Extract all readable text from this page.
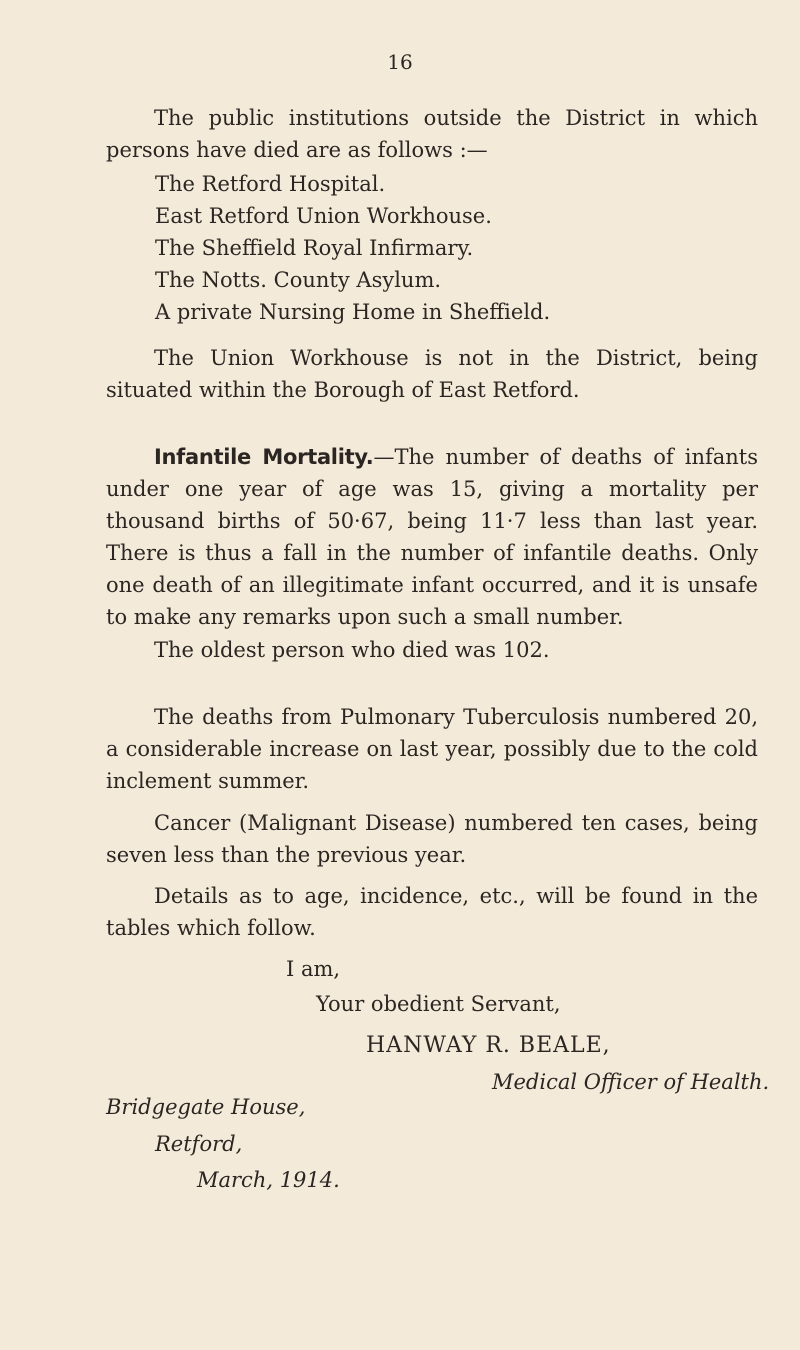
16

The public institutions outside the District in which persons have died are as follows :—

The Retford Hospital.
East Retford Union Workhouse.
The Sheffield Royal Infirmary.
The Notts. County Asylum.
A private Nursing Home in Sheffield.

The Union Workhouse is not in the District, being situated within the Borough of East Retford.

Infantile Mortality.—The number of deaths of infants under one year of age was 15, giving a mortality per thousand births of 50·67, being 11·7 less than last year. There is thus a fall in the number of infantile deaths. Only one death of an illegitimate infant occurred, and it is unsafe to make any remarks upon such a small number.

The oldest person who died was 102.

The deaths from Pulmonary Tuberculosis numbered 20, a considerable increase on last year, possibly due to the cold inclement summer.

Cancer (Malignant Disease) numbered ten cases, being seven less than the previous year.

Details as to age, incidence, etc., will be found in the tables which follow.

I am,

Your obedient Servant,

HANWAY R. BEALE,

Medical Officer of Health.

Bridgegate House,

Retford,

March, 1914.
